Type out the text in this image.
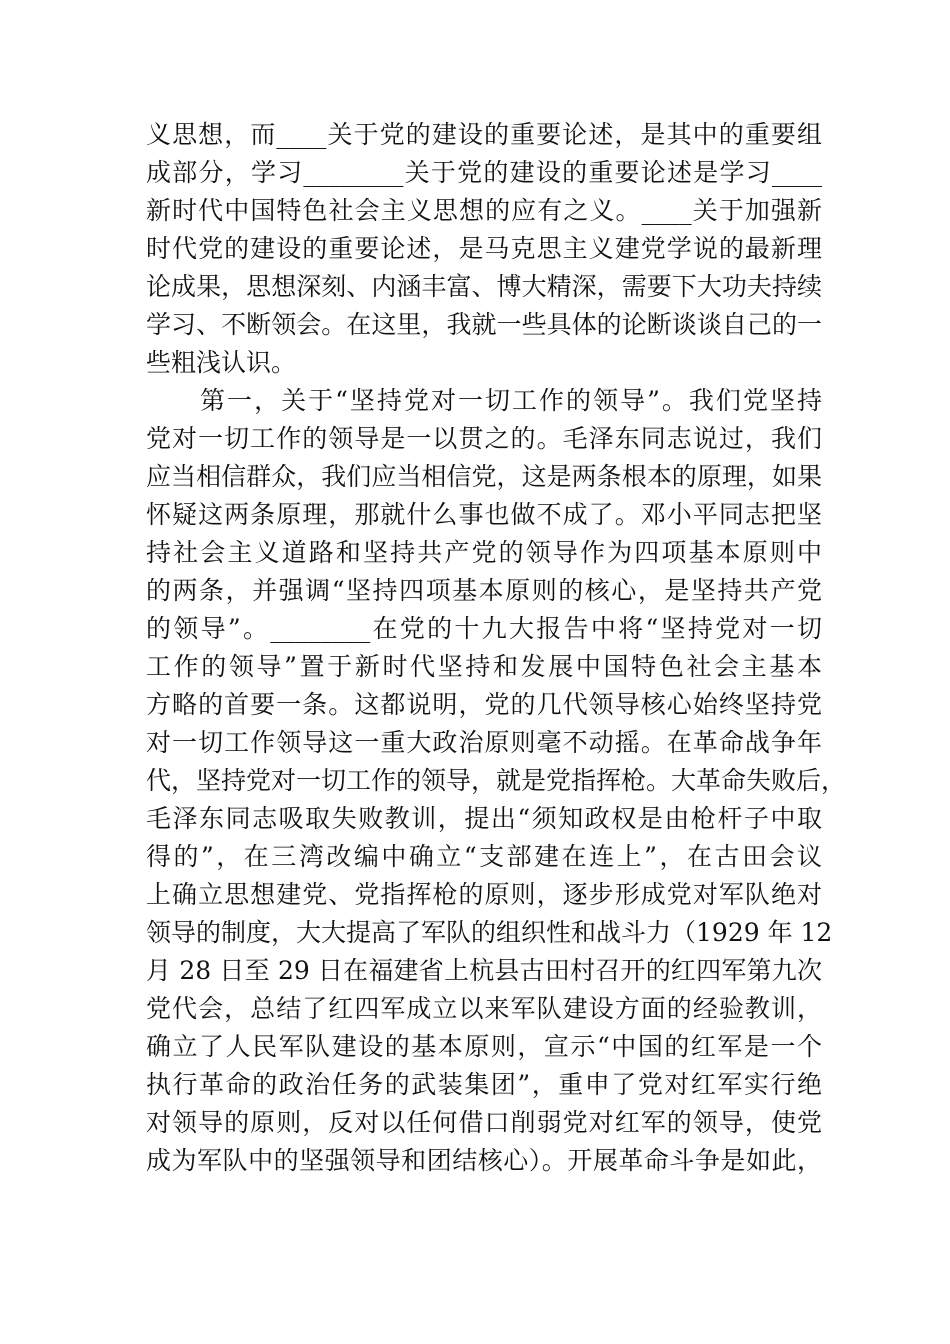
义思想，而____关于党的建设的重要论述，是其中的重要组
成部分，学习________关于党的建设的重要论述是学习____
新时代中国特色社会主义思想的应有之义。____关于加强新
时代党的建设的重要论述，是马克思主义建党学说的最新理
论成果，思想深刻、内涵丰富、博大精深，需要下大功夫持续
学习、不断领会。在这里，我就一些具体的论断谈谈自己的一
些粗浅认识。
　　第一，关于“坚持党对一切工作的领导”。我们党坚持
党对一切工作的领导是一以贯之的。毛泽东同志说过，我们
应当相信群众，我们应当相信党，这是两条根本的原理，如果
怀疑这两条原理，那就什么事也做不成了。邓小平同志把坚
持社会主义道路和坚持共产党的领导作为四项基本原则中
的两条，并强调“坚持四项基本原则的核心，是坚持共产党
的领导”。________在党的十九大报告中将“坚持党对一切
工作的领导”置于新时代坚持和发展中国特色社会主基本
方略的首要一条。这都说明，党的几代领导核心始终坚持党
对一切工作领导这一重大政治原则毫不动摇。在革命战争年
代，坚持党对一切工作的领导，就是党指挥枪。大革命失败后，
毛泽东同志吸取失败教训，提出“须知政权是由枪杆子中取
得的”，在三湾改编中确立“支部建在连上”，在古田会议
上确立思想建党、党指挥枪的原则，逐步形成党对军队绝对
领导的制度，大大提高了军队的组织性和战斗力（1929 年 12
月 28 日至 29 日在福建省上杭县古田村召开的红四军第九次
党代会，总结了红四军成立以来军队建设方面的经验教训，
确立了人民军队建设的基本原则，宣示“中国的红军是一个
执行革命的政治任务的武装集团”，重申了党对红军实行绝
对领导的原则，反对以任何借口削弱党对红军的领导，使党
成为军队中的坚强领导和团结核心）。开展革命斗争是如此，
